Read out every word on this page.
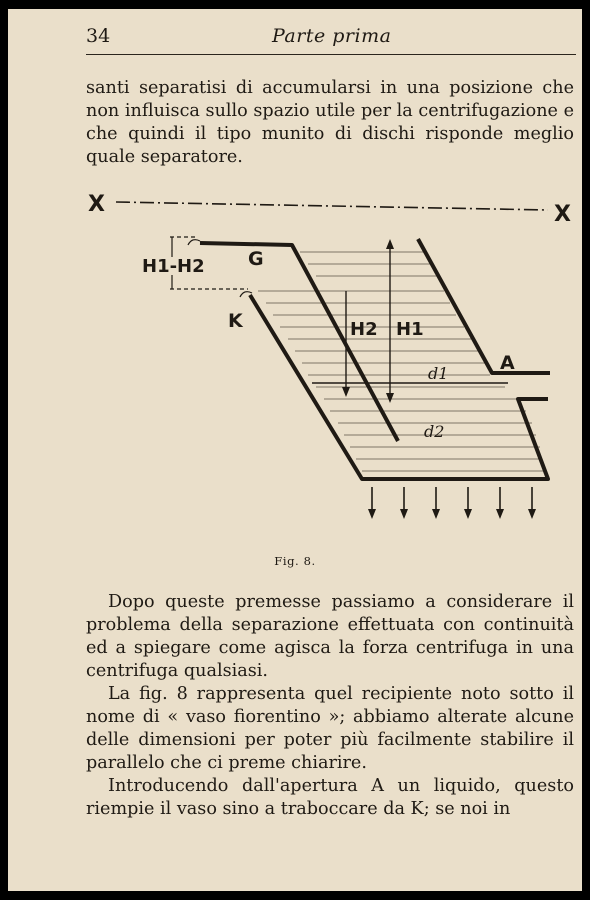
34	Parte prima

santi separatisi di accumularsi in una posizione che non influisca sullo spazio utile per la centrifugazione e che quindi il tipo munito di dischi risponde meglio quale separatore.

X	X
H1-H2 G
K	H2 H1
d1
d2
A
Fig. 8.

Dopo queste premesse passiamo a considerare il problema della separazione effettuata con continuità ed a spiegare come agisca la forza centrifuga in una centrifuga qualsiasi.

La fig. 8 rappresenta quel recipiente noto sotto il nome di « vaso fiorentino »; abbiamo alterate alcune delle dimensioni per poter più facilmente stabilire il parallelo che ci preme chiarire.

Introducendo dall'apertura A un liquido, questo riempie il vaso sino a traboccare da K; se noi in
